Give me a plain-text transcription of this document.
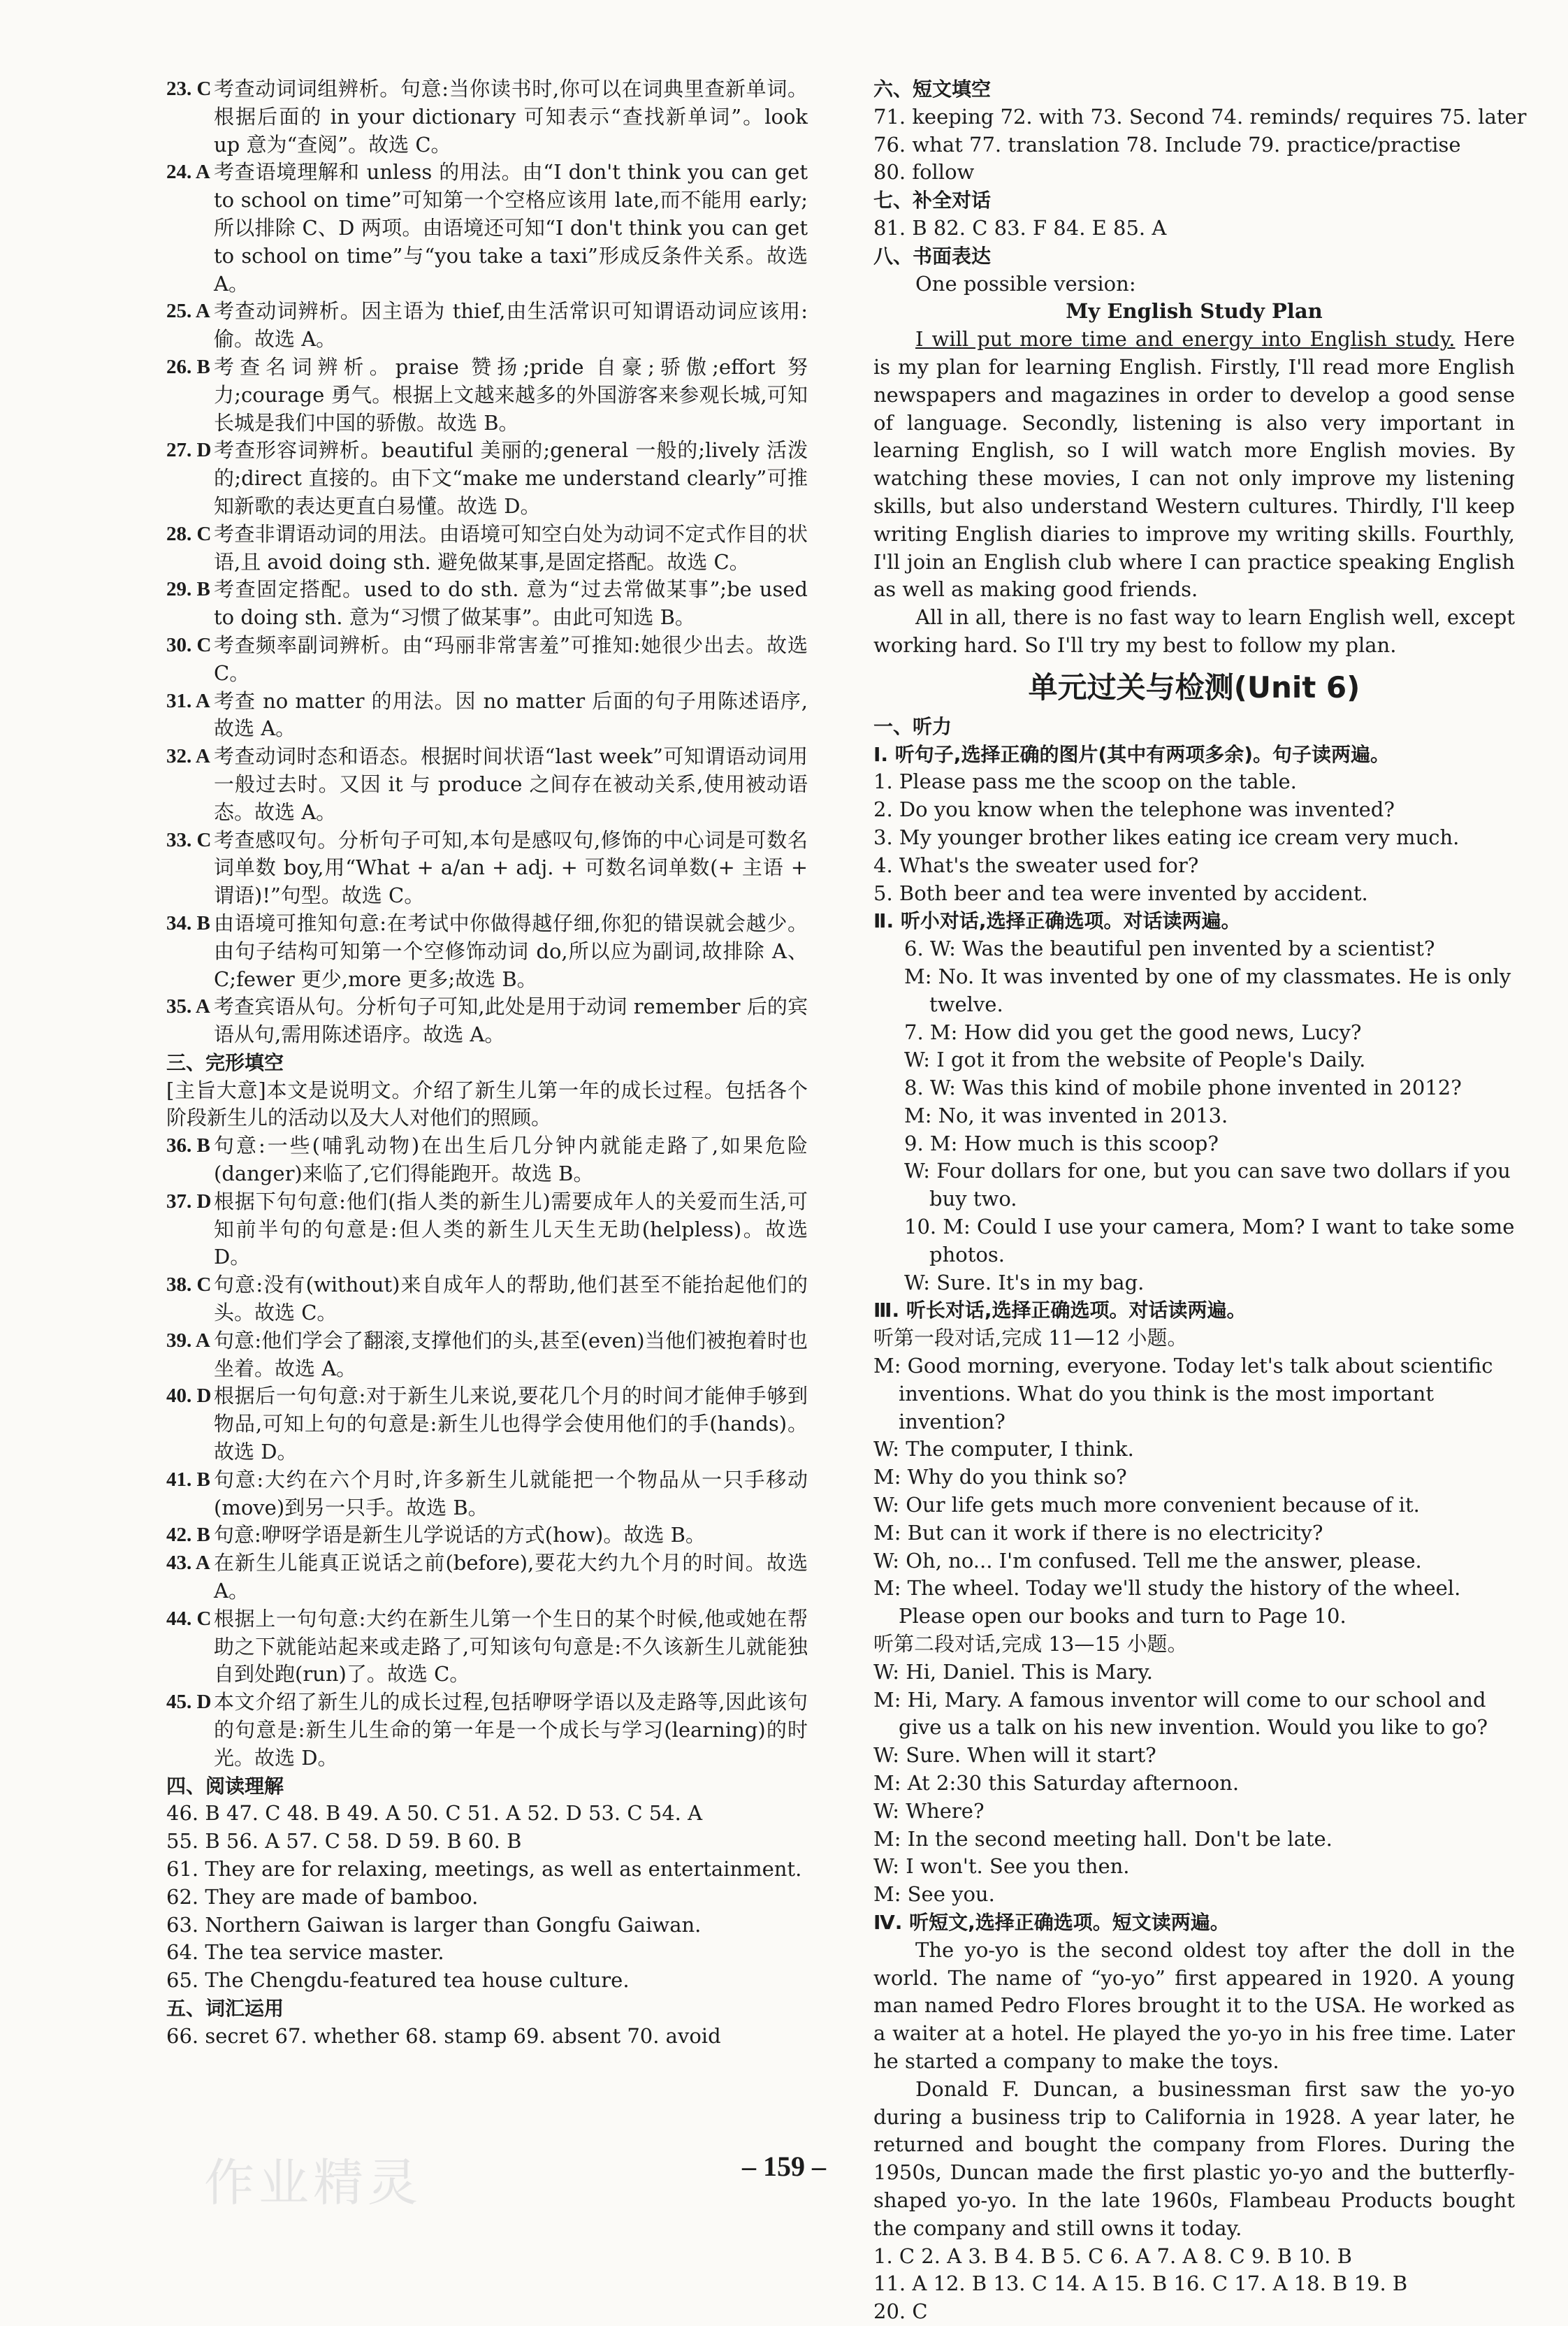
23. C 考查动词词组辨析。句意:当你读书时,你可以在词典里查新单词。根据后面的 in your dictionary 可知表示“查找新单词”。look up 意为“查阅”。故选 C。
24. A 考查语境理解和 unless 的用法。由“I don't think you can get to school on time”可知第一个空格应该用 late,而不能用 early;所以排除 C、D 两项。由语境还可知“I don't think you can get to school on time”与“you take a taxi”形成反条件关系。故选 A。
25. A 考查动词辨析。因主语为 thief,由生活常识可知谓语动词应该用:偷。故选 A。
26. B 考查名词辨析。praise 赞扬;pride 自豪;骄傲;effort 努力;courage 勇气。根据上文越来越多的外国游客来参观长城,可知长城是我们中国的骄傲。故选 B。
27. D 考查形容词辨析。beautiful 美丽的;general 一般的;lively 活泼的;direct 直接的。由下文“make me understand clearly”可推知新歌的表达更直白易懂。故选 D。
28. C 考查非谓语动词的用法。由语境可知空白处为动词不定式作目的状语,且 avoid doing sth. 避免做某事,是固定搭配。故选 C。
29. B 考查固定搭配。used to do sth. 意为“过去常做某事”;be used to doing sth. 意为“习惯了做某事”。由此可知选 B。
30. C 考查频率副词辨析。由“玛丽非常害羞”可推知:她很少出去。故选 C。
31. A 考查 no matter 的用法。因 no matter 后面的句子用陈述语序,故选 A。
32. A 考查动词时态和语态。根据时间状语“last week”可知谓语动词用一般过去时。又因 it 与 produce 之间存在被动关系,使用被动语态。故选 A。
33. C 考查感叹句。分析句子可知,本句是感叹句,修饰的中心词是可数名词单数 boy,用“What + a/an + adj. + 可数名词单数(+ 主语 + 谓语)!”句型。故选 C。
34. B 由语境可推知句意:在考试中你做得越仔细,你犯的错误就会越少。由句子结构可知第一个空修饰动词 do,所以应为副词,故排除 A、C;fewer 更少,more 更多;故选 B。
35. A 考查宾语从句。分析句子可知,此处是用于动词 remember 后的宾语从句,需用陈述语序。故选 A。
三、完形填空
[主旨大意]本文是说明文。介绍了新生儿第一年的成长过程。包括各个阶段新生儿的活动以及大人对他们的照顾。
36. B 句意:一些(哺乳动物)在出生后几分钟内就能走路了,如果危险(danger)来临了,它们得能跑开。故选 B。
37. D 根据下句句意:他们(指人类的新生儿)需要成年人的关爱而生活,可知前半句的句意是:但人类的新生儿天生无助(helpless)。故选 D。
38. C 句意:没有(without)来自成年人的帮助,他们甚至不能抬起他们的头。故选 C。
39. A 句意:他们学会了翻滚,支撑他们的头,甚至(even)当他们被抱着时也坐着。故选 A。
40. D 根据后一句句意:对于新生儿来说,要花几个月的时间才能伸手够到物品,可知上句的句意是:新生儿也得学会使用他们的手(hands)。故选 D。
41. B 句意:大约在六个月时,许多新生儿就能把一个物品从一只手移动(move)到另一只手。故选 B。
42. B 句意:咿呀学语是新生儿学说话的方式(how)。故选 B。
43. A 在新生儿能真正说话之前(before),要花大约九个月的时间。故选 A。
44. C 根据上一句句意:大约在新生儿第一个生日的某个时候,他或她在帮助之下就能站起来或走路了,可知该句句意是:不久该新生儿就能独自到处跑(run)了。故选 C。
45. D 本文介绍了新生儿的成长过程,包括咿呀学语以及走路等,因此该句的句意是:新生儿生命的第一年是一个成长与学习(learning)的时光。故选 D。
四、阅读理解
46. B 47. C 48. B 49. A 50. C 51. A 52. D 53. C 54. A
55. B 56. A 57. C 58. D 59. B 60. B
61. They are for relaxing, meetings, as well as entertainment.
62. They are made of bamboo.
63. Northern Gaiwan is larger than Gongfu Gaiwan.
64. The tea service master.
65. The Chengdu-featured tea house culture.
五、词汇运用
66. secret 67. whether 68. stamp 69. absent 70. avoid
六、短文填空
71. keeping 72. with 73. Second 74. reminds/ requires 75. later
76. what 77. translation 78. Include 79. practice/practise
80. follow
七、补全对话
81. B 82. C 83. F 84. E 85. A
八、书面表达
One possible version:
My English Study Plan
I will put more time and energy into English study. Here is my plan for learning English. Firstly, I'll read more English newspapers and magazines in order to develop a good sense of language. Secondly, listening is also very important in learning English, so I will watch more English movies. By watching these movies, I can not only improve my listening skills, but also understand Western cultures. Thirdly, I'll keep writing English diaries to improve my writing skills. Fourthly, I'll join an English club where I can practice speaking English as well as making good friends.
All in all, there is no fast way to learn English well, except working hard. So I'll try my best to follow my plan.
单元过关与检测(Unit 6)
一、听力
Ⅰ. 听句子,选择正确的图片(其中有两项多余)。句子读两遍。
1. Please pass me the scoop on the table.
2. Do you know when the telephone was invented?
3. My younger brother likes eating ice cream very much.
4. What's the sweater used for?
5. Both beer and tea were invented by accident.
Ⅱ. 听小对话,选择正确选项。对话读两遍。
6. W: Was the beautiful pen invented by a scientist?
M: No. It was invented by one of my classmates. He is only twelve.
7. M: How did you get the good news, Lucy?
W: I got it from the website of People's Daily.
8. W: Was this kind of mobile phone invented in 2012?
M: No, it was invented in 2013.
9. M: How much is this scoop?
W: Four dollars for one, but you can save two dollars if you buy two.
10. M: Could I use your camera, Mom? I want to take some photos.
W: Sure. It's in my bag.
Ⅲ. 听长对话,选择正确选项。对话读两遍。
听第一段对话,完成 11—12 小题。
M: Good morning, everyone. Today let's talk about scientific inventions. What do you think is the most important invention?
W: The computer, I think.
M: Why do you think so?
W: Our life gets much more convenient because of it.
M: But can it work if there is no electricity?
W: Oh, no... I'm confused. Tell me the answer, please.
M: The wheel. Today we'll study the history of the wheel. Please open our books and turn to Page 10.
听第二段对话,完成 13—15 小题。
W: Hi, Daniel. This is Mary.
M: Hi, Mary. A famous inventor will come to our school and give us a talk on his new invention. Would you like to go?
W: Sure. When will it start?
M: At 2:30 this Saturday afternoon.
W: Where?
M: In the second meeting hall. Don't be late.
W: I won't. See you then.
M: See you.
Ⅳ. 听短文,选择正确选项。短文读两遍。
The yo-yo is the second oldest toy after the doll in the world. The name of “yo-yo” first appeared in 1920. A young man named Pedro Flores brought it to the USA. He worked as a waiter at a hotel. He played the yo-yo in his free time. Later he started a company to make the toys.
Donald F. Duncan, a businessman first saw the yo-yo during a business trip to California in 1928. A year later, he returned and bought the company from Flores. During the 1950s, Duncan made the first plastic yo-yo and the butterfly-shaped yo-yo. In the late 1960s, Flambeau Products bought the company and still owns it today.
1. C 2. A 3. B 4. B 5. C 6. A 7. A 8. C 9. B 10. B
11. A 12. B 13. C 14. A 15. B 16. C 17. A 18. B 19. B
20. C
作业精灵	– 159 –
